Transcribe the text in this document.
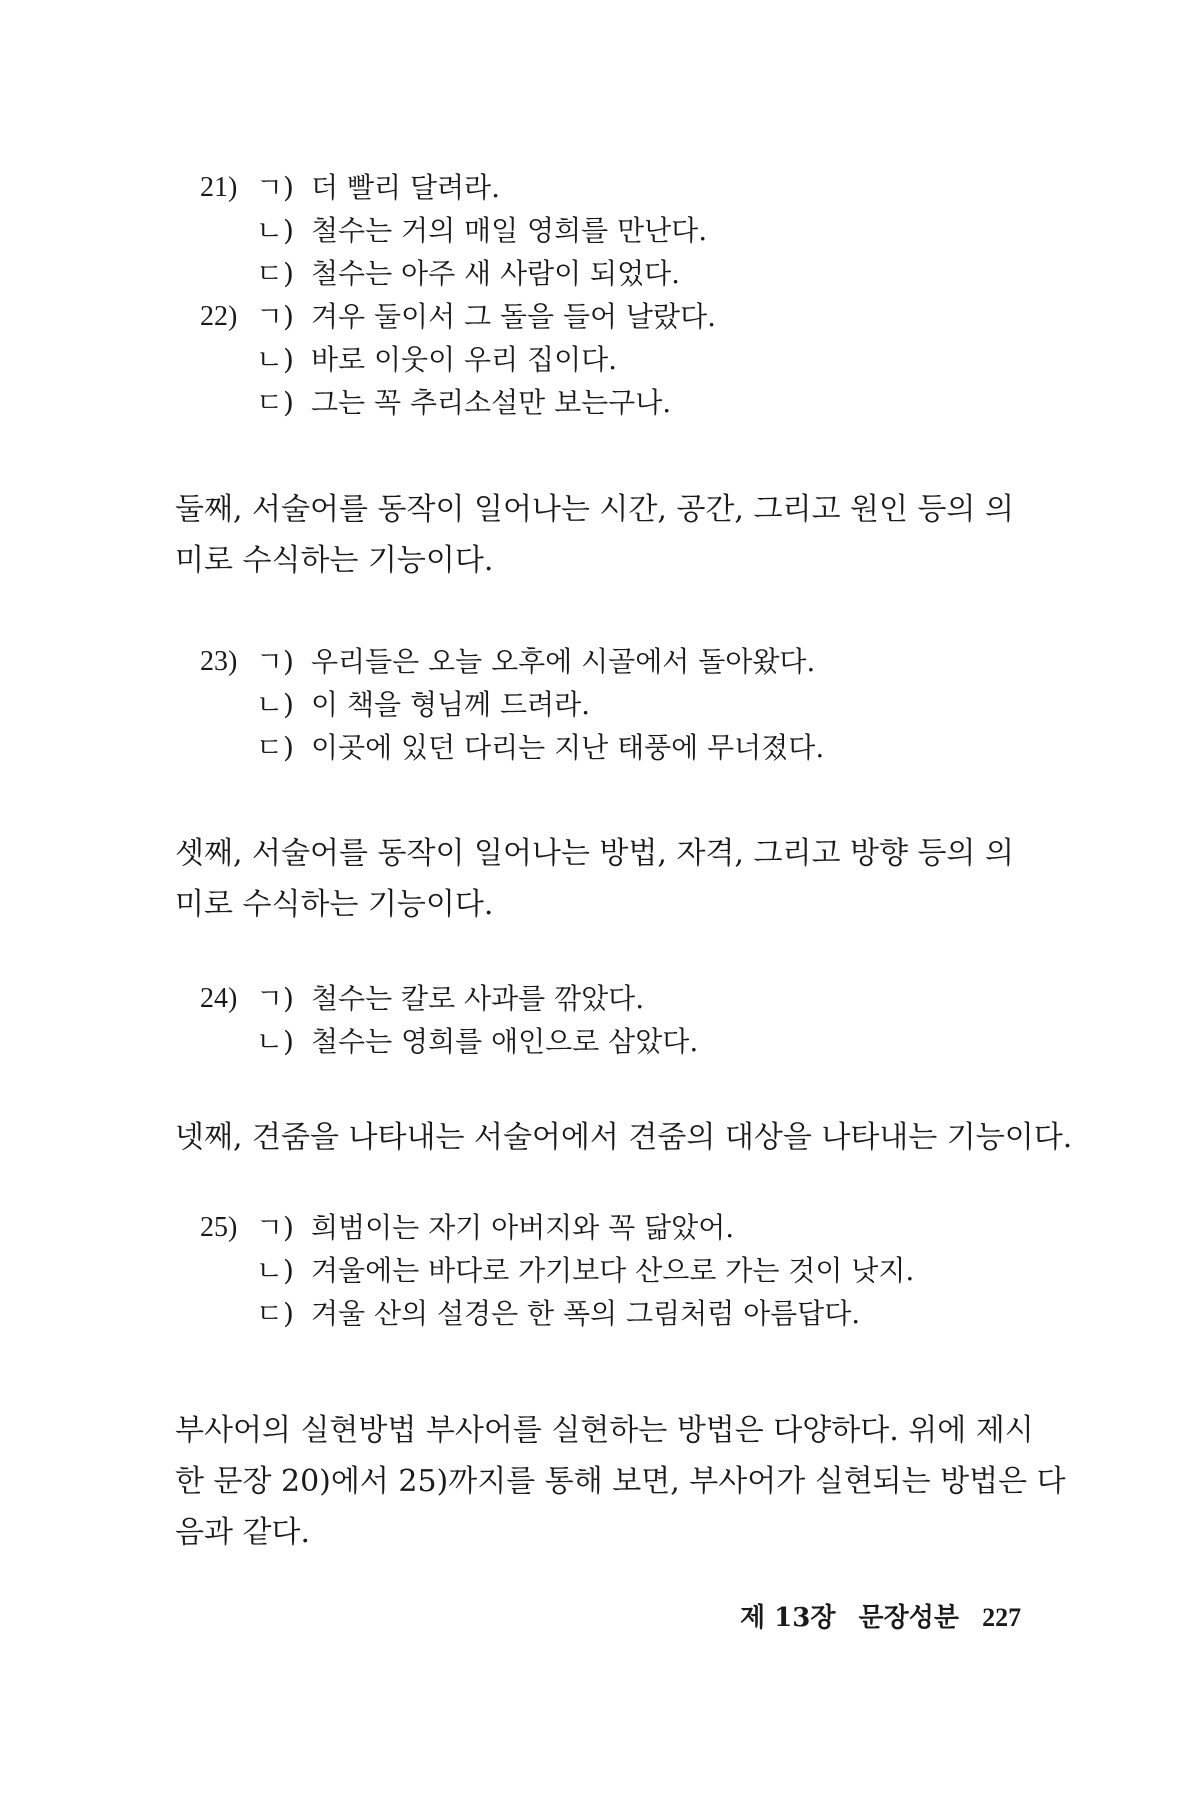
21) ㄱ) 더 빨리 달려라.
ㄴ) 철수는 거의 매일 영희를 만난다.
ㄷ) 철수는 아주 새 사람이 되었다.
22) ㄱ) 겨우 둘이서 그 돌을 들어 날랐다.
ㄴ) 바로 이웃이 우리 집이다.
ㄷ) 그는 꼭 추리소설만 보는구나.
둘째, 서술어를 동작이 일어나는 시간, 공간, 그리고 원인 등의 의
미로 수식하는 기능이다.
23) ㄱ) 우리들은 오늘 오후에 시골에서 돌아왔다.
ㄴ) 이 책을 형님께 드려라.
ㄷ) 이곳에 있던 다리는 지난 태풍에 무너졌다.
셋째, 서술어를 동작이 일어나는 방법, 자격, 그리고 방향 등의 의
미로 수식하는 기능이다.
24) ㄱ) 철수는 칼로 사과를 깎았다.
ㄴ) 철수는 영희를 애인으로 삼았다.
넷째, 견줌을 나타내는 서술어에서 견줌의 대상을 나타내는 기능이다.
25) ㄱ) 희범이는 자기 아버지와 꼭 닮았어.
ㄴ) 겨울에는 바다로 가기보다 산으로 가는 것이 낫지.
ㄷ) 겨울 산의 설경은 한 폭의 그림처럼 아름답다.
부사어의 실현방법 부사어를 실현하는 방법은 다양하다. 위에 제시
한 문장 20)에서 25)까지를 통해 보면, 부사어가 실현되는 방법은 다
음과 같다.
제 13장 문장성분 227
